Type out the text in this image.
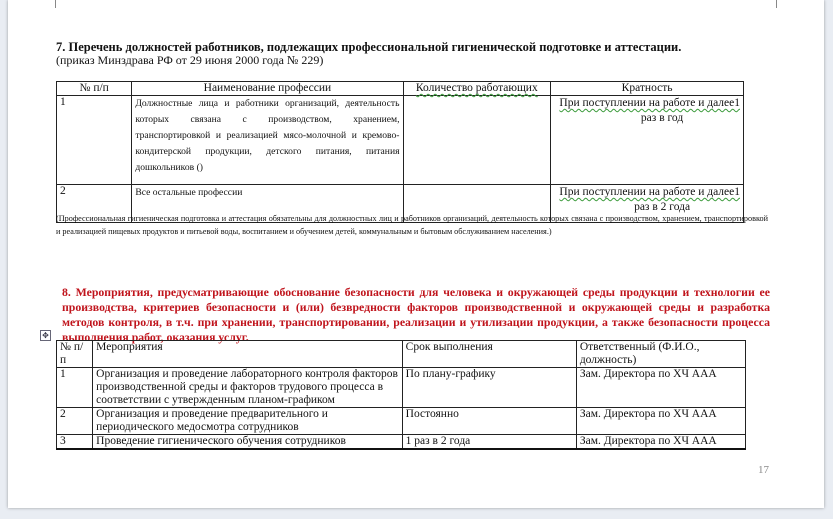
7. Перечень должностей работников, подлежащих профессиональной гигиенической подготовке и аттестации.
(приказ Минздрава РФ от 29 июня 2000 года № 229)
№ п/п	Наименование профессии	Количество работающих	Кратность
1	Должностные лица и работники организаций, деятельность которых связана с производством, хранением, транспортировкой и реализацией мясо-молочной и кремово-кондитерской продукции, детского питания, питания дошкольников ()		При поступлении на работе и далее1
раз в год

2	Все остальные профессии		При поступлении на работе и далее1
раз в 2 года
(Профессиональная гигиеническая подготовка и аттестация обязательны для должностных лиц и работников организаций, деятельность которых связана с производством, хранением, транспортировкой и реализацией пищевых продуктов и питьевой воды, воспитанием и обучением детей, коммунальным и бытовым обслуживанием населения.)
8. Мероприятия, предусматривающие обоснование безопасности для человека и окружающей среды продукции и технологии ее производства, критериев безопасности и (или) безвредности факторов производственной и окружающей среды и разработка методов контроля, в т.ч. при хранении, транспортировании, реализации и утилизации продукции, а также безопасности процесса выполнения работ, оказания услуг.
✥
№ п/п	Мероприятия	Срок выполнения	Ответственный (Ф.И.О., должность)
1	Организация и проведение лабораторного контроля факторов производственной среды и факторов трудового процесса в соответствии с утвержденным планом-графиком	По плану-графику	Зам. Директора по ХЧ ААА
2	Организация и проведение предварительного и периодического медосмотра сотрудников	Постоянно	Зам. Директора по ХЧ ААА
3	Проведение гигиенического обучения сотрудников	1 раз в 2 года	Зам. Директора по ХЧ ААА
17
